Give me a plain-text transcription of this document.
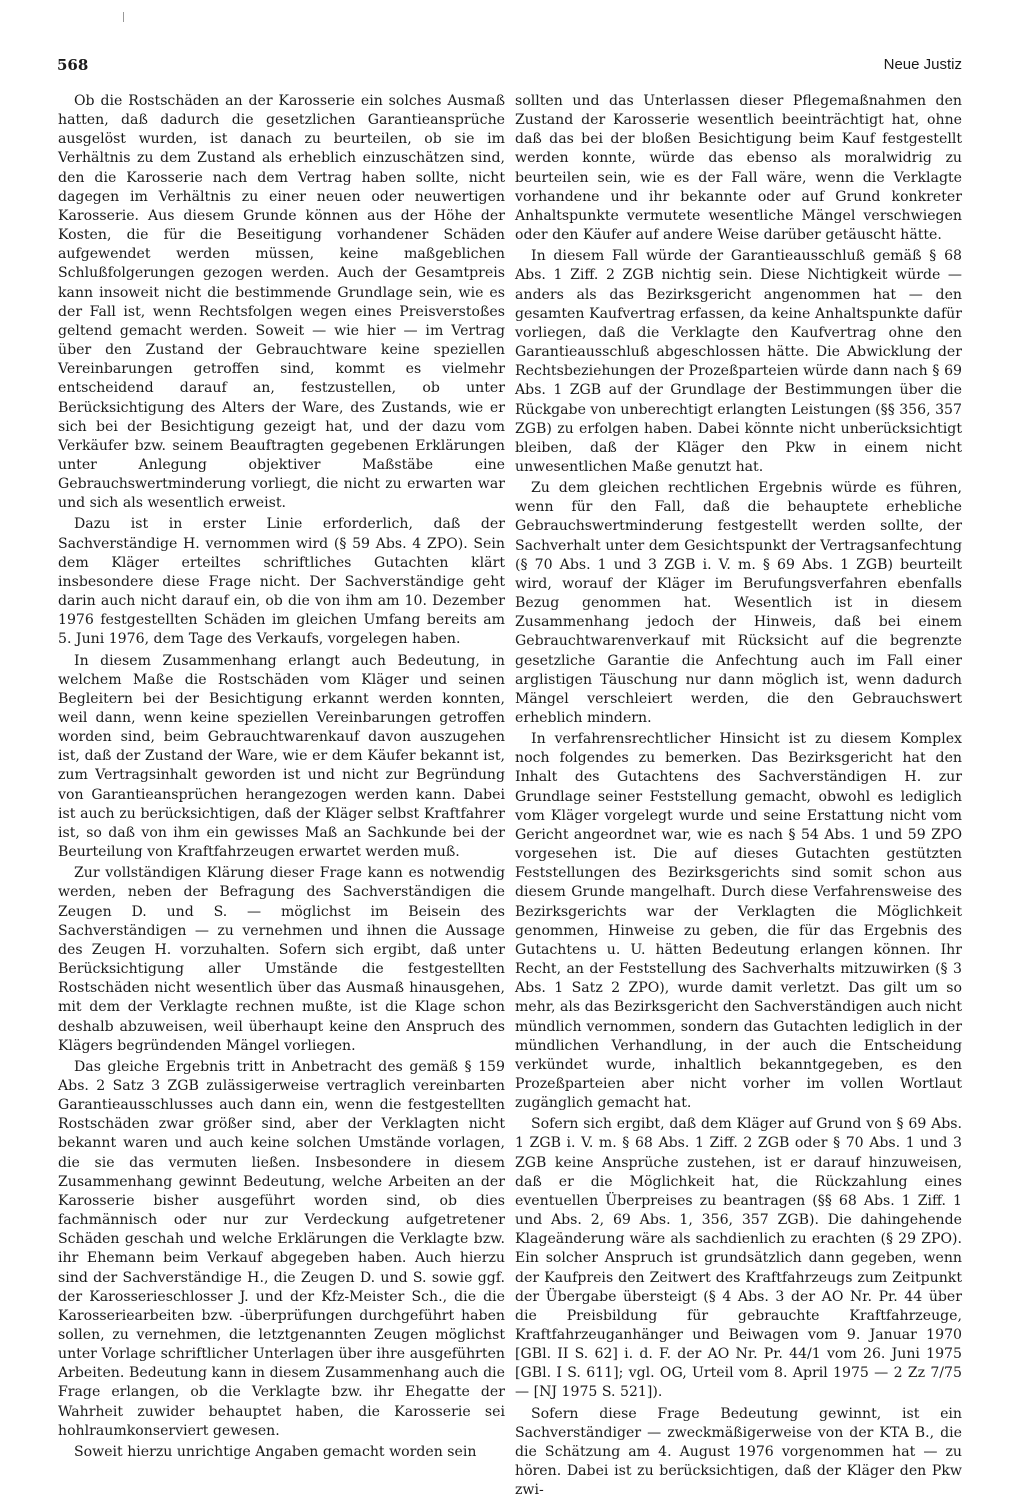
568	Neue Justiz

Ob die Rostschäden an der Karosserie ein solches Ausmaß hatten, daß dadurch die gesetzlichen Garantieansprüche ausgelöst wurden, ist danach zu beurteilen, ob sie im Verhältnis zu dem Zustand als erheblich einzuschätzen sind, den die Karosserie nach dem Vertrag haben sollte, nicht dagegen im Verhältnis zu einer neuen oder neuwertigen Karosserie. Aus diesem Grunde können aus der Höhe der Kosten, die für die Beseitigung vorhandener Schäden aufgewendet werden müssen, keine maßgeblichen Schlußfolgerungen gezogen werden. Auch der Gesamtpreis kann insoweit nicht die bestimmende Grundlage sein, wie es der Fall ist, wenn Rechtsfolgen wegen eines Preisverstoßes geltend gemacht werden. Soweit — wie hier — im Vertrag über den Zustand der Gebrauchtware keine speziellen Vereinbarungen getroffen sind, kommt es vielmehr entscheidend darauf an, festzustellen, ob unter Berücksichtigung des Alters der Ware, des Zustands, wie er sich bei der Besichtigung gezeigt hat, und der dazu vom Verkäufer bzw. seinem Beauftragten gegebenen Erklärungen unter Anlegung objektiver Maßstäbe eine Gebrauchswertminderung vorliegt, die nicht zu erwarten war und sich als wesentlich erweist.

Dazu ist in erster Linie erforderlich, daß der Sachverständige H. vernommen wird (§ 59 Abs. 4 ZPO). Sein dem Kläger erteiltes schriftliches Gutachten klärt insbesondere diese Frage nicht. Der Sachverständige geht darin auch nicht darauf ein, ob die von ihm am 10. Dezember 1976 festgestellten Schäden im gleichen Umfang bereits am 5. Juni 1976, dem Tage des Verkaufs, vorgelegen haben.

In diesem Zusammenhang erlangt auch Bedeutung, in welchem Maße die Rostschäden vom Kläger und seinen Begleitern bei der Besichtigung erkannt werden konnten, weil dann, wenn keine speziellen Vereinbarungen getroffen worden sind, beim Gebrauchtwarenkauf davon auszugehen ist, daß der Zustand der Ware, wie er dem Käufer bekannt ist, zum Vertragsinhalt geworden ist und nicht zur Begründung von Garantieansprüchen herangezogen werden kann. Dabei ist auch zu berücksichtigen, daß der Kläger selbst Kraftfahrer ist, so daß von ihm ein gewisses Maß an Sachkunde bei der Beurteilung von Kraftfahrzeugen erwartet werden muß.

Zur vollständigen Klärung dieser Frage kann es notwendig werden, neben der Befragung des Sachverständigen die Zeugen D. und S. — möglichst im Beisein des Sachverständigen — zu vernehmen und ihnen die Aussage des Zeugen H. vorzuhalten. Sofern sich ergibt, daß unter Berücksichtigung aller Umstände die festgestellten Rostschäden nicht wesentlich über das Ausmaß hinausgehen, mit dem der Verklagte rechnen mußte, ist die Klage schon deshalb abzuweisen, weil überhaupt keine den Anspruch des Klägers begründenden Mängel vorliegen.

Das gleiche Ergebnis tritt in Anbetracht des gemäß § 159 Abs. 2 Satz 3 ZGB zulässigerweise vertraglich vereinbarten Garantieausschlusses auch dann ein, wenn die festgestellten Rostschäden zwar größer sind, aber der Verklagten nicht bekannt waren und auch keine solchen Umstände vorlagen, die sie das vermuten ließen. Insbesondere in diesem Zusammenhang gewinnt Bedeutung, welche Arbeiten an der Karosserie bisher ausgeführt worden sind, ob dies fachmännisch oder nur zur Verdeckung aufgetretener Schäden geschah und welche Erklärungen die Verklagte bzw. ihr Ehemann beim Verkauf abgegeben haben. Auch hierzu sind der Sachverständige H., die Zeugen D. und S. sowie ggf. der Karosserieschlosser J. und der Kfz-Meister Sch., die die Karosseriearbeiten bzw. -überprüfungen durchgeführt haben sollen, zu vernehmen, die letztgenannten Zeugen möglichst unter Vorlage schriftlicher Unterlagen über ihre ausgeführten Arbeiten. Bedeutung kann in diesem Zusammenhang auch die Frage erlangen, ob die Verklagte bzw. ihr Ehegatte der Wahrheit zuwider behauptet haben, die Karosserie sei hohlraumkonserviert gewesen.

Soweit hierzu unrichtige Angaben gemacht worden sein

sollten und das Unterlassen dieser Pflegemaßnahmen den Zustand der Karosserie wesentlich beeinträchtigt hat, ohne daß das bei der bloßen Besichtigung beim Kauf festgestellt werden konnte, würde das ebenso als moralwidrig zu beurteilen sein, wie es der Fall wäre, wenn die Verklagte vorhandene und ihr bekannte oder auf Grund konkreter Anhaltspunkte vermutete wesentliche Mängel verschwiegen oder den Käufer auf andere Weise darüber getäuscht hätte.

In diesem Fall würde der Garantieausschluß gemäß § 68 Abs. 1 Ziff. 2 ZGB nichtig sein. Diese Nichtigkeit würde — anders als das Bezirksgericht angenommen hat — den gesamten Kaufvertrag erfassen, da keine Anhaltspunkte dafür vorliegen, daß die Verklagte den Kaufvertrag ohne den Garantieausschluß abgeschlossen hätte. Die Abwicklung der Rechtsbeziehungen der Prozeßparteien würde dann nach § 69 Abs. 1 ZGB auf der Grundlage der Bestimmungen über die Rückgabe von unberechtigt erlangten Leistungen (§§ 356, 357 ZGB) zu erfolgen haben. Dabei könnte nicht unberücksichtigt bleiben, daß der Kläger den Pkw in einem nicht unwesentlichen Maße genutzt hat.

Zu dem gleichen rechtlichen Ergebnis würde es führen, wenn für den Fall, daß die behauptete erhebliche Gebrauchswertminderung festgestellt werden sollte, der Sachverhalt unter dem Gesichtspunkt der Vertragsanfechtung (§ 70 Abs. 1 und 3 ZGB i. V. m. § 69 Abs. 1 ZGB) beurteilt wird, worauf der Kläger im Berufungsverfahren ebenfalls Bezug genommen hat. Wesentlich ist in diesem Zusammenhang jedoch der Hinweis, daß bei einem Gebrauchtwarenverkauf mit Rücksicht auf die begrenzte gesetzliche Garantie die Anfechtung auch im Fall einer arglistigen Täuschung nur dann möglich ist, wenn dadurch Mängel verschleiert werden, die den Gebrauchswert erheblich mindern.

In verfahrensrechtlicher Hinsicht ist zu diesem Komplex noch folgendes zu bemerken. Das Bezirksgericht hat den Inhalt des Gutachtens des Sachverständigen H. zur Grundlage seiner Feststellung gemacht, obwohl es lediglich vom Kläger vorgelegt wurde und seine Erstattung nicht vom Gericht angeordnet war, wie es nach § 54 Abs. 1 und 59 ZPO vorgesehen ist. Die auf dieses Gutachten gestützten Feststellungen des Bezirksgerichts sind somit schon aus diesem Grunde mangelhaft. Durch diese Verfahrensweise des Bezirksgerichts war der Verklagten die Möglichkeit genommen, Hinweise zu geben, die für das Ergebnis des Gutachtens u. U. hätten Bedeutung erlangen können. Ihr Recht, an der Feststellung des Sachverhalts mitzuwirken (§ 3 Abs. 1 Satz 2 ZPO), wurde damit verletzt. Das gilt um so mehr, als das Bezirksgericht den Sachverständigen auch nicht mündlich vernommen, sondern das Gutachten lediglich in der mündlichen Verhandlung, in der auch die Entscheidung verkündet wurde, inhaltlich bekanntgegeben, es den Prozeßparteien aber nicht vorher im vollen Wortlaut zugänglich gemacht hat.

Sofern sich ergibt, daß dem Kläger auf Grund von § 69 Abs. 1 ZGB i. V. m. § 68 Abs. 1 Ziff. 2 ZGB oder § 70 Abs. 1 und 3 ZGB keine Ansprüche zustehen, ist er darauf hinzuweisen, daß er die Möglichkeit hat, die Rückzahlung eines eventuellen Überpreises zu beantragen (§§ 68 Abs. 1 Ziff. 1 und Abs. 2, 69 Abs. 1, 356, 357 ZGB). Die dahingehende Klageänderung wäre als sachdienlich zu erachten (§ 29 ZPO). Ein solcher Anspruch ist grundsätzlich dann gegeben, wenn der Kaufpreis den Zeitwert des Kraftfahrzeugs zum Zeitpunkt der Übergabe übersteigt (§ 4 Abs. 3 der AO Nr. Pr. 44 über die Preisbildung für gebrauchte Kraftfahrzeuge, Kraftfahrzeuganhänger und Beiwagen vom 9. Januar 1970 [GBl. II S. 62] i. d. F. der AO Nr. Pr. 44/1 vom 26. Juni 1975 [GBl. I S. 611]; vgl. OG, Urteil vom 8. April 1975 — 2 Zz 7/75 — [NJ 1975 S. 521]).

Sofern diese Frage Bedeutung gewinnt, ist ein Sachverständiger — zweckmäßigerweise von der KTA B., die die Schätzung am 4. August 1976 vorgenommen hat — zu hören. Dabei ist zu berücksichtigen, daß der Kläger den Pkw zwi-
